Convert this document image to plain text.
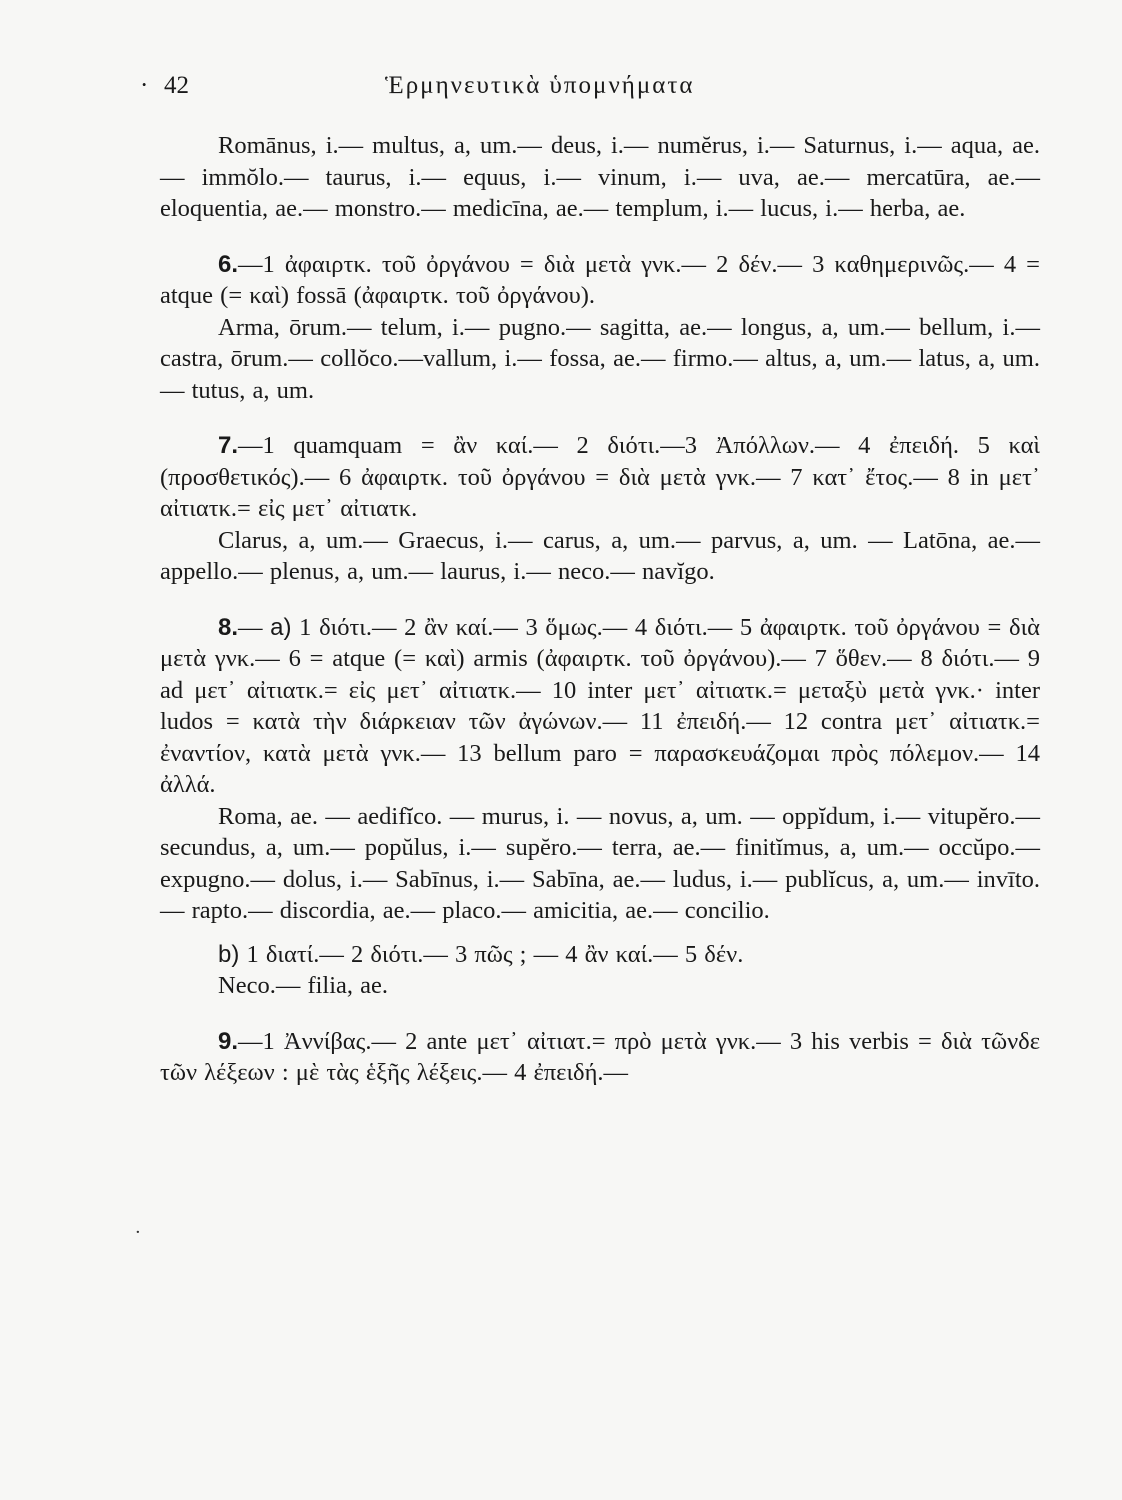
· 42	Ἑρμηνευτικὰ ὑπομνήματα

Romānus, i.— multus, a, um.— deus, i.— numĕrus, i.— Saturnus, i.— aqua, ae.— immŏlo.— taurus, i.— equus, i.— vinum, i.— uva, ae.— mercatūra, ae.— eloquentia, ae.— monstro.— medicīna, ae.— templum, i.— lucus, i.— herba, ae.

6.—1 ἀφαιρτκ. τοῦ ὀργάνου = διὰ μετὰ γνκ.— 2 δέν.— 3 καθημερινῶς.— 4 = atque (= καὶ) fossā (ἀφαιρτκ. τοῦ ὀργάνου).

Arma, ōrum.— telum, i.— pugno.— sagitta, ae.— longus, a, um.— bellum, i.— castra, ōrum.— collŏco.—vallum, i.— fossa, ae.— firmo.— altus, a, um.— latus, a, um.— tutus, a, um.

7.—1 quamquam = ἂν καί.— 2 διότι.—3 Ἀπόλλων.— 4 ἐπειδή. 5 καὶ (προσθετικός).— 6 ἀφαιρτκ. τοῦ ὀργάνου = διὰ μετὰ γνκ.— 7 κατ᾽ ἔτος.— 8 in μετ᾽ αἰτιατκ.= εἰς μετ᾽ αἰτιατκ.

Clarus, a, um.— Graecus, i.— carus, a, um.— parvus, a, um. — Latōna, ae.— appello.— plenus, a, um.— laurus, i.— neco.— navĭgo.

8.— a) 1 διότι.— 2 ἂν καί.— 3 ὅμως.— 4 διότι.— 5 ἀφαιρτκ. τοῦ ὀργάνου = διὰ μετὰ γνκ.— 6 = atque (= καὶ) armis (ἀφαιρτκ. τοῦ ὀργάνου).— 7 ὅθεν.— 8 διότι.— 9 ad μετ᾽ αἰτιατκ.= εἰς μετ᾽ αἰτιατκ.— 10 inter μετ᾽ αἰτιατκ.= μεταξὺ μετὰ γνκ.· inter ludos = κατὰ τὴν διάρκειαν τῶν ἀγώνων.— 11 ἐπειδή.— 12 contra μετ᾽ αἰτιατκ.= ἐναντίον, κατὰ μετὰ γνκ.— 13 bellum paro = παρασκευάζομαι πρὸς πόλεμον.— 14 ἀλλά.

Roma, ae. — aedifĭco. — murus, i. — novus, a, um. — oppĭdum, i.— vitupĕro.— secundus, a, um.— popŭlus, i.— supĕro.— terra, ae.— finitĭmus, a, um.— occŭpo.— expugno.— dolus, i.— Sabīnus, i.— Sabīna, ae.— ludus, i.— publĭcus, a, um.— invīto. — rapto.— discordia, ae.— placo.— amicitia, ae.— concilio.

b) 1 διατί.— 2 διότι.— 3 πῶς ; — 4 ἂν καί.— 5 δέν.

Neco.— filia, ae.

9.—1 Ἀννίβας.— 2 ante μετ᾽ αἰτιατ.= πρὸ μετὰ γνκ.— 3 his verbis = διὰ τῶνδε τῶν λέξεων : μὲ τὰς ἑξῆς λέξεις.— 4 ἐπειδή.—

·
